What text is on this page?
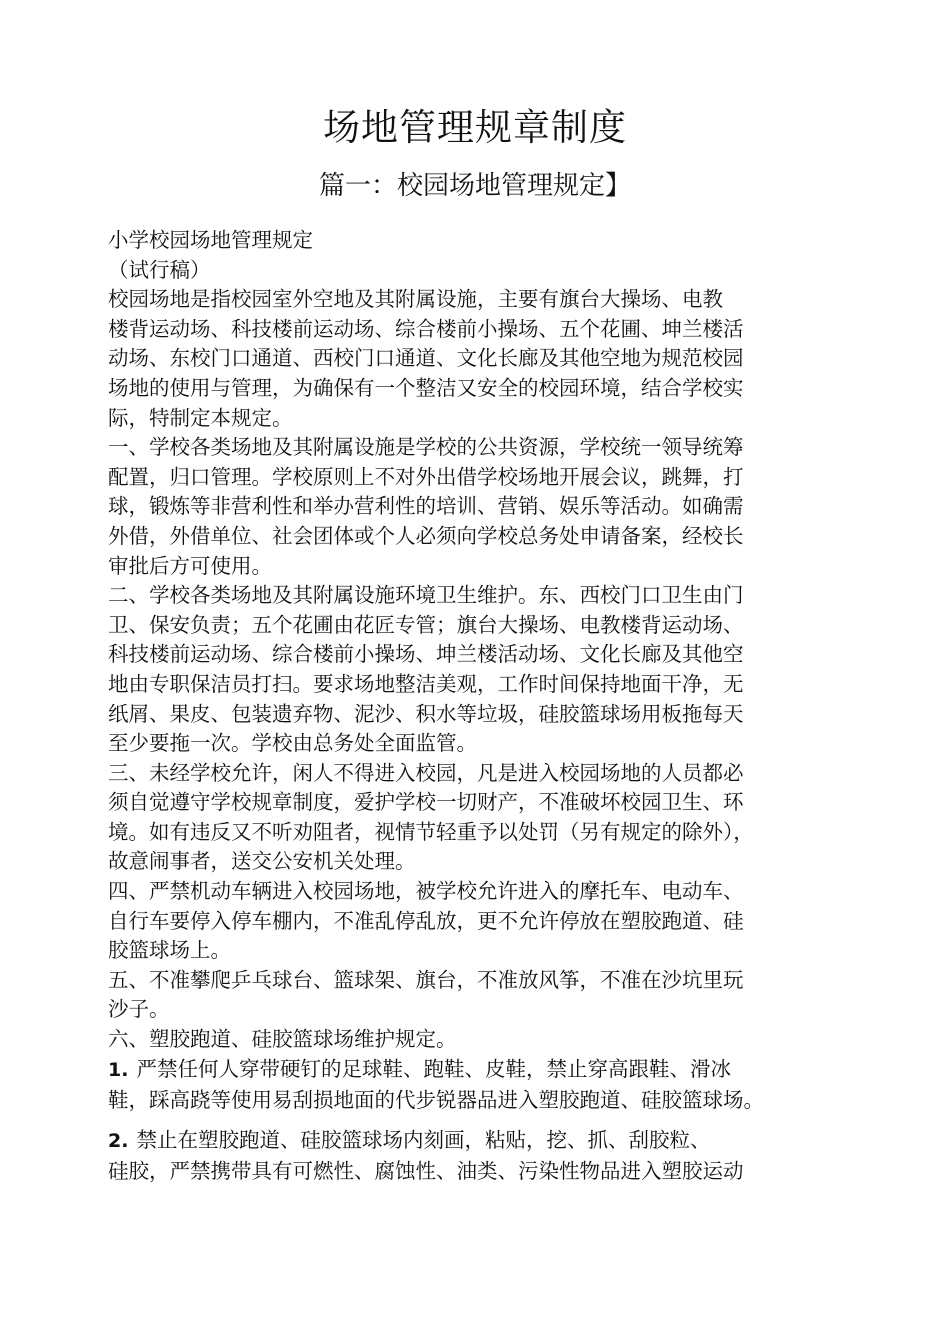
场地管理规章制度
篇一：校园场地管理规定】
小学校园场地管理规定
（试行稿）
校园场地是指校园室外空地及其附属设施，主要有旗台大操场、电教
楼背运动场、科技楼前运动场、综合楼前小操场、五个花圃、坤兰楼活
动场、东校门口通道、西校门口通道、文化长廊及其他空地为规范校园
场地的使用与管理，为确保有一个整洁又安全的校园环境，结合学校实
际，特制定本规定。
一、学校各类场地及其附属设施是学校的公共资源，学校统一领导统筹
配置，归口管理。学校原则上不对外出借学校场地开展会议，跳舞，打
球，锻炼等非营利性和举办营利性的培训、营销、娱乐等活动。如确需
外借，外借单位、社会团体或个人必须向学校总务处申请备案，经校长
审批后方可使用。
二、学校各类场地及其附属设施环境卫生维护。东、西校门口卫生由门
卫、保安负责；五个花圃由花匠专管；旗台大操场、电教楼背运动场、
科技楼前运动场、综合楼前小操场、坤兰楼活动场、文化长廊及其他空
地由专职保洁员打扫。要求场地整洁美观，工作时间保持地面干净，无
纸屑、果皮、包装遗弃物、泥沙、积水等垃圾，硅胶篮球场用板拖每天
至少要拖一次。学校由总务处全面监管。
三、未经学校允许，闲人不得进入校园，凡是进入校园场地的人员都必
须自觉遵守学校规章制度，爱护学校一切财产，不准破坏校园卫生、环
境。如有违反又不听劝阻者，视情节轻重予以处罚（另有规定的除外），
故意闹事者，送交公安机关处理。
四、严禁机动车辆进入校园场地，被学校允许进入的摩托车、电动车、
自行车要停入停车棚内，不准乱停乱放，更不允许停放在塑胶跑道、硅
胶篮球场上。
五、不准攀爬乒乓球台、篮球架、旗台，不准放风筝，不准在沙坑里玩
沙子。
六、塑胶跑道、硅胶篮球场维护规定。
1. 严禁任何人穿带硬钉的足球鞋、跑鞋、皮鞋，禁止穿高跟鞋、滑冰
鞋，踩高跷等使用易刮损地面的代步锐器品进入塑胶跑道、硅胶篮球场。
2. 禁止在塑胶跑道、硅胶篮球场内刻画，粘贴，挖、抓、刮胶粒、
硅胶，严禁携带具有可燃性、腐蚀性、油类、污染性物品进入塑胶运动
